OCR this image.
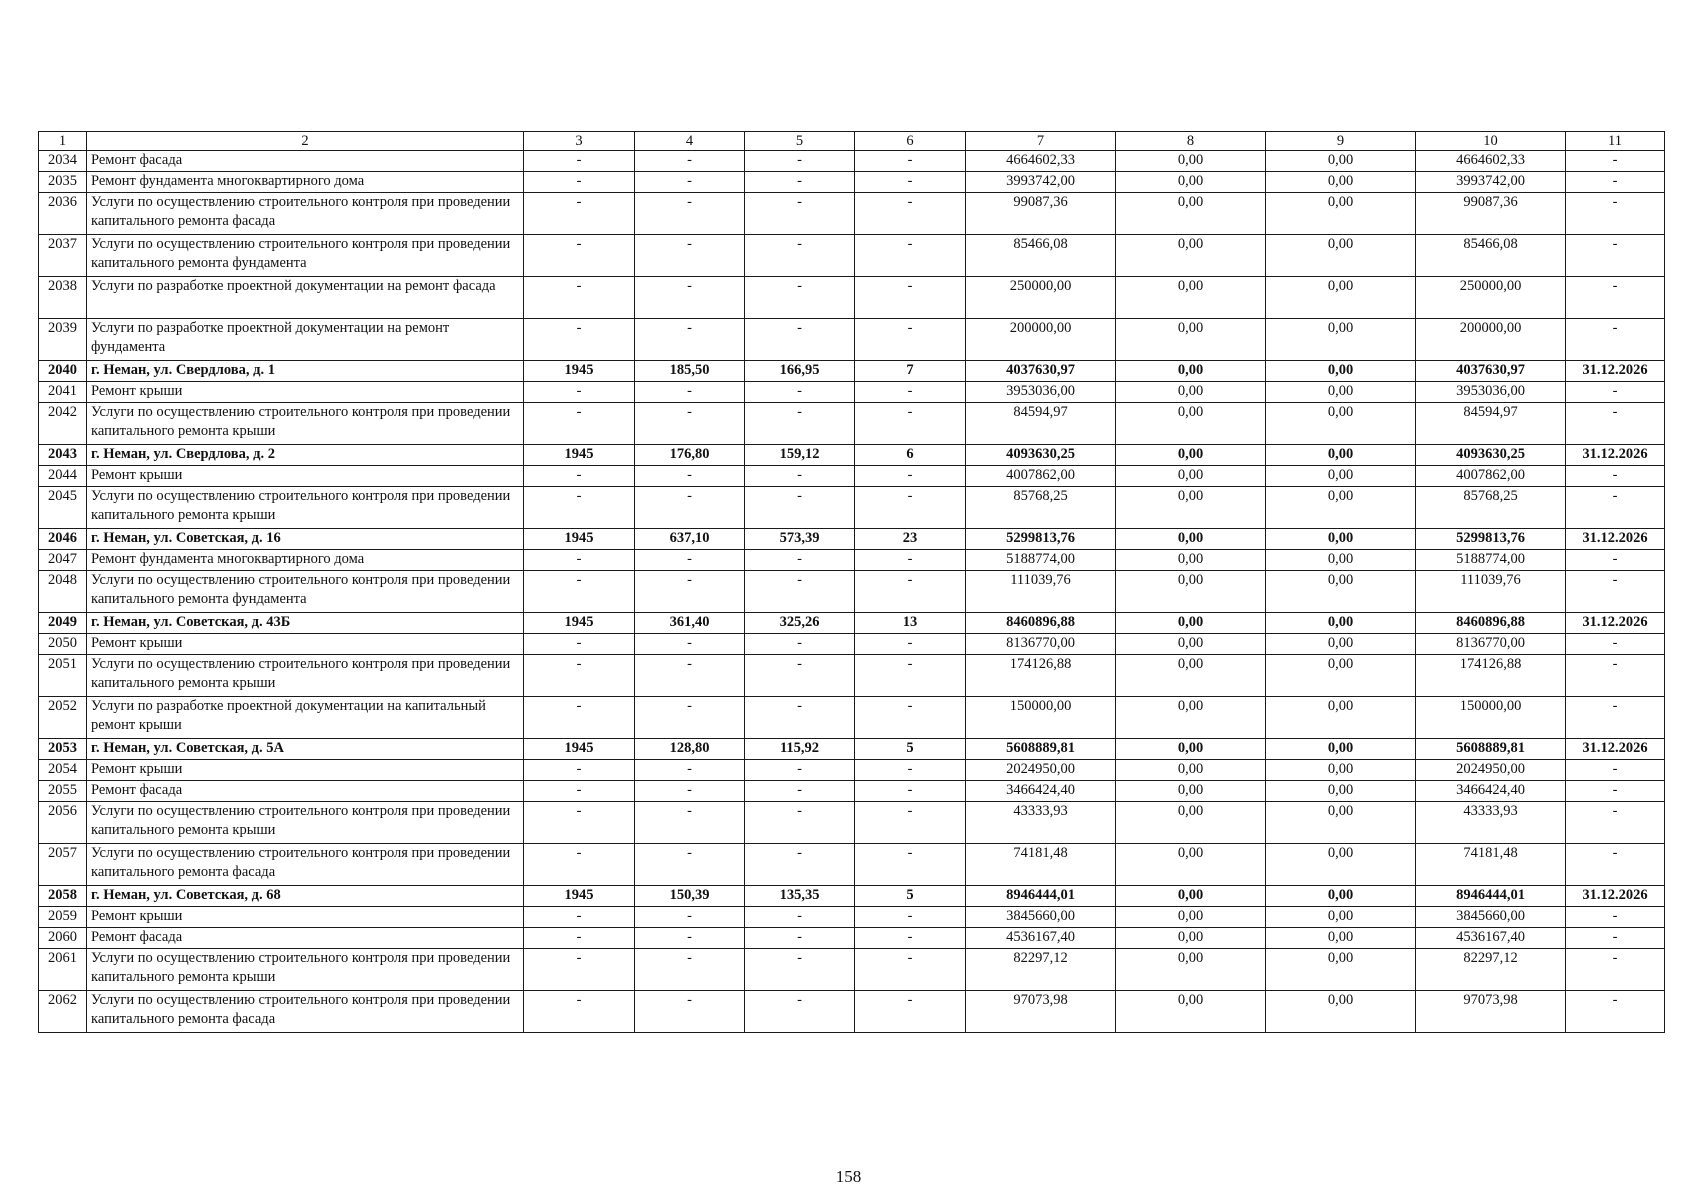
1	2	3	4	5	6	7	8	9	10	11
2034	Ремонт фасада	-	-	-	-	4664602,33	0,00	0,00	4664602,33	-
2035	Ремонт фундамента многоквартирного дома	-	-	-	-	3993742,00	0,00	0,00	3993742,00	-
2036	Услуги по осуществлению строительного контроля при проведении капитального ремонта фасада	-	-	-	-	99087,36	0,00	0,00	99087,36	-
2037	Услуги по осуществлению строительного контроля при проведении капитального ремонта фундамента	-	-	-	-	85466,08	0,00	0,00	85466,08	-
2038	Услуги по разработке проектной документации на ремонт фасада	-	-	-	-	250000,00	0,00	0,00	250000,00	-
2039	Услуги по разработке проектной документации на ремонт фундамента	-	-	-	-	200000,00	0,00	0,00	200000,00	-
2040	г. Неман, ул. Свердлова, д. 1	1945	185,50	166,95	7	4037630,97	0,00	0,00	4037630,97	31.12.2026
2041	Ремонт крыши	-	-	-	-	3953036,00	0,00	0,00	3953036,00	-
2042	Услуги по осуществлению строительного контроля при проведении капитального ремонта крыши	-	-	-	-	84594,97	0,00	0,00	84594,97	-
2043	г. Неман, ул. Свердлова, д. 2	1945	176,80	159,12	6	4093630,25	0,00	0,00	4093630,25	31.12.2026
2044	Ремонт крыши	-	-	-	-	4007862,00	0,00	0,00	4007862,00	-
2045	Услуги по осуществлению строительного контроля при проведении капитального ремонта крыши	-	-	-	-	85768,25	0,00	0,00	85768,25	-
2046	г. Неман, ул. Советская, д. 16	1945	637,10	573,39	23	5299813,76	0,00	0,00	5299813,76	31.12.2026
2047	Ремонт фундамента многоквартирного дома	-	-	-	-	5188774,00	0,00	0,00	5188774,00	-
2048	Услуги по осуществлению строительного контроля при проведении капитального ремонта фундамента	-	-	-	-	111039,76	0,00	0,00	111039,76	-
2049	г. Неман, ул. Советская, д. 43Б	1945	361,40	325,26	13	8460896,88	0,00	0,00	8460896,88	31.12.2026
2050	Ремонт крыши	-	-	-	-	8136770,00	0,00	0,00	8136770,00	-
2051	Услуги по осуществлению строительного контроля при проведении капитального ремонта крыши	-	-	-	-	174126,88	0,00	0,00	174126,88	-
2052	Услуги по разработке проектной документации на капитальный ремонт крыши	-	-	-	-	150000,00	0,00	0,00	150000,00	-
2053	г. Неман, ул. Советская, д. 5А	1945	128,80	115,92	5	5608889,81	0,00	0,00	5608889,81	31.12.2026
2054	Ремонт крыши	-	-	-	-	2024950,00	0,00	0,00	2024950,00	-
2055	Ремонт фасада	-	-	-	-	3466424,40	0,00	0,00	3466424,40	-
2056	Услуги по осуществлению строительного контроля при проведении капитального ремонта крыши	-	-	-	-	43333,93	0,00	0,00	43333,93	-
2057	Услуги по осуществлению строительного контроля при проведении капитального ремонта фасада	-	-	-	-	74181,48	0,00	0,00	74181,48	-
2058	г. Неман, ул. Советская, д. 68	1945	150,39	135,35	5	8946444,01	0,00	0,00	8946444,01	31.12.2026
2059	Ремонт крыши	-	-	-	-	3845660,00	0,00	0,00	3845660,00	-
2060	Ремонт фасада	-	-	-	-	4536167,40	0,00	0,00	4536167,40	-
2061	Услуги по осуществлению строительного контроля при проведении капитального ремонта крыши	-	-	-	-	82297,12	0,00	0,00	82297,12	-
2062	Услуги по осуществлению строительного контроля при проведении капитального ремонта фасада	-	-	-	-	97073,98	0,00	0,00	97073,98	-
158
